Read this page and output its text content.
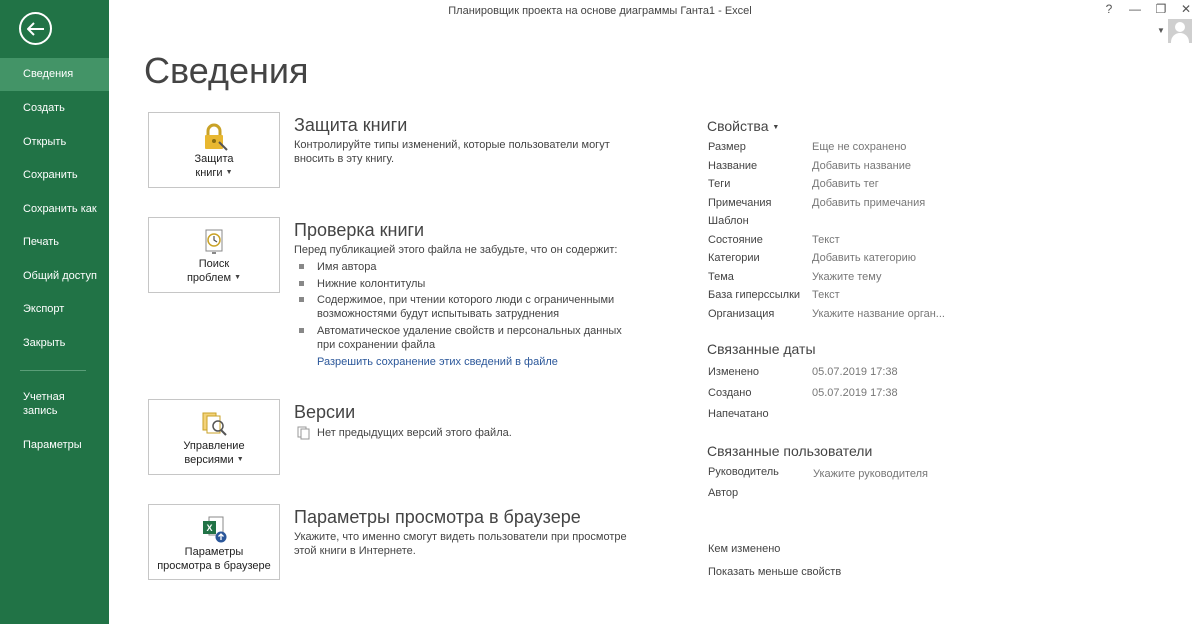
Сведения
Создать
Открыть
Сохранить
Сохранить как
Печать
Общий доступ
Экспорт
Закрыть
Учетная
запись
Параметры
Планировщик проекта на основе диаграммы Ганта1 - Excel	?	—	❐	✕
▼
Сведения
Защита
книги ▼
Защита книги
Контролируйте типы изменений, которые пользователи могут вносить в эту книгу.
Поиск
проблем ▼
Проверка книги
Перед публикацией этого файла не забудьте, что он содержит:
Имя автора
Нижние колонтитулы
Содержимое, при чтении которого люди с ограниченными возможностями будут испытывать затруднения
Автоматическое удаление свойств и персональных данных при сохранении файла
Разрешить сохранение этих сведений в файле
Управление
версиями ▼
Версии
Нет предыдущих версий этого файла.
X
Параметры
просмотра в браузере
Параметры просмотра в браузере
Укажите, что именно смогут видеть пользователи при просмотре этой книги в Интернете.
Свойства ▼
Размер	Еще не сохранено
Название	Добавить название
Теги	Добавить тег
Примечания	Добавить примечания
Шаблон
Состояние	Текст
Категории	Добавить категорию
Тема	Укажите тему
База гиперссылки Текст
Организация	Укажите название орган...
Связанные даты
Изменено	05.07.2019 17:38
Создано	05.07.2019 17:38
Напечатано
Связанные пользователи
Руководитель	Укажите руководителя
Автор
Кем изменено
Показать меньше свойств
